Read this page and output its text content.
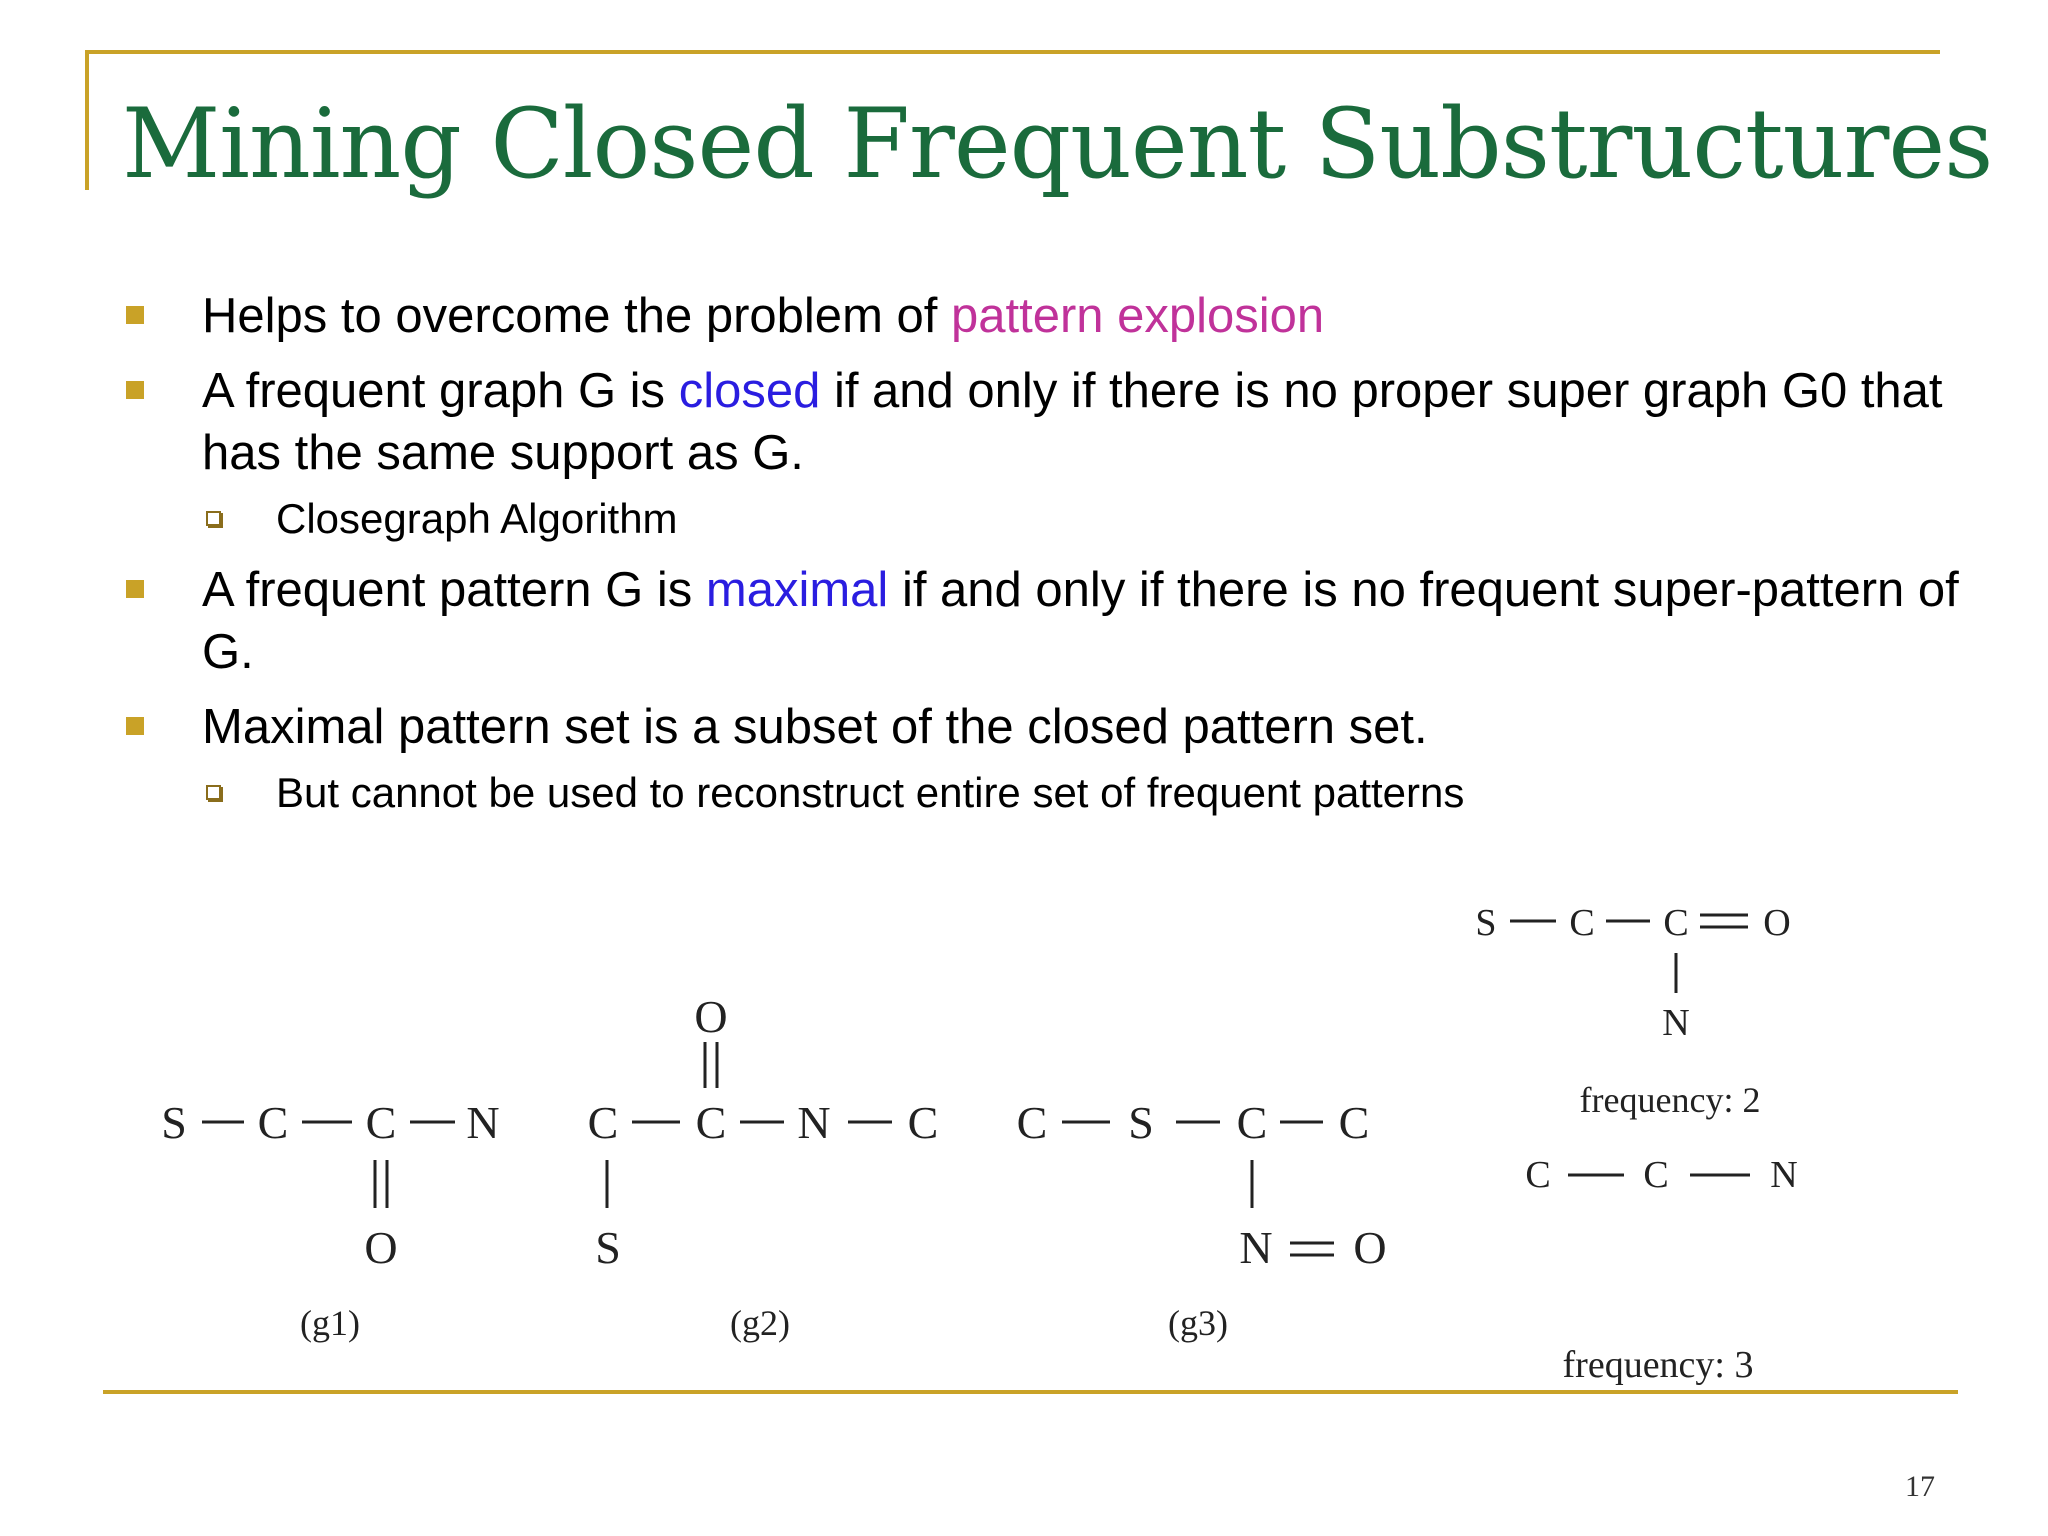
Mining Closed Frequent Substructures
Helps to overcome the problem of pattern explosion
A frequent graph G is closed if and only if there is no proper super graph G0 that has the same support as G.
Closegraph Algorithm
A frequent pattern G is maximal if and only if there is no frequent super-pattern of G.
Maximal pattern set is a subset of the closed pattern set.
But cannot be used to reconstruct entire set of frequent patterns
S C C N
O
(g1)
O
C C N C
S
(g2)
C S C C
N O
(g3)
S C C O
N
frequency: 2
C C	N
frequency: 3
17
